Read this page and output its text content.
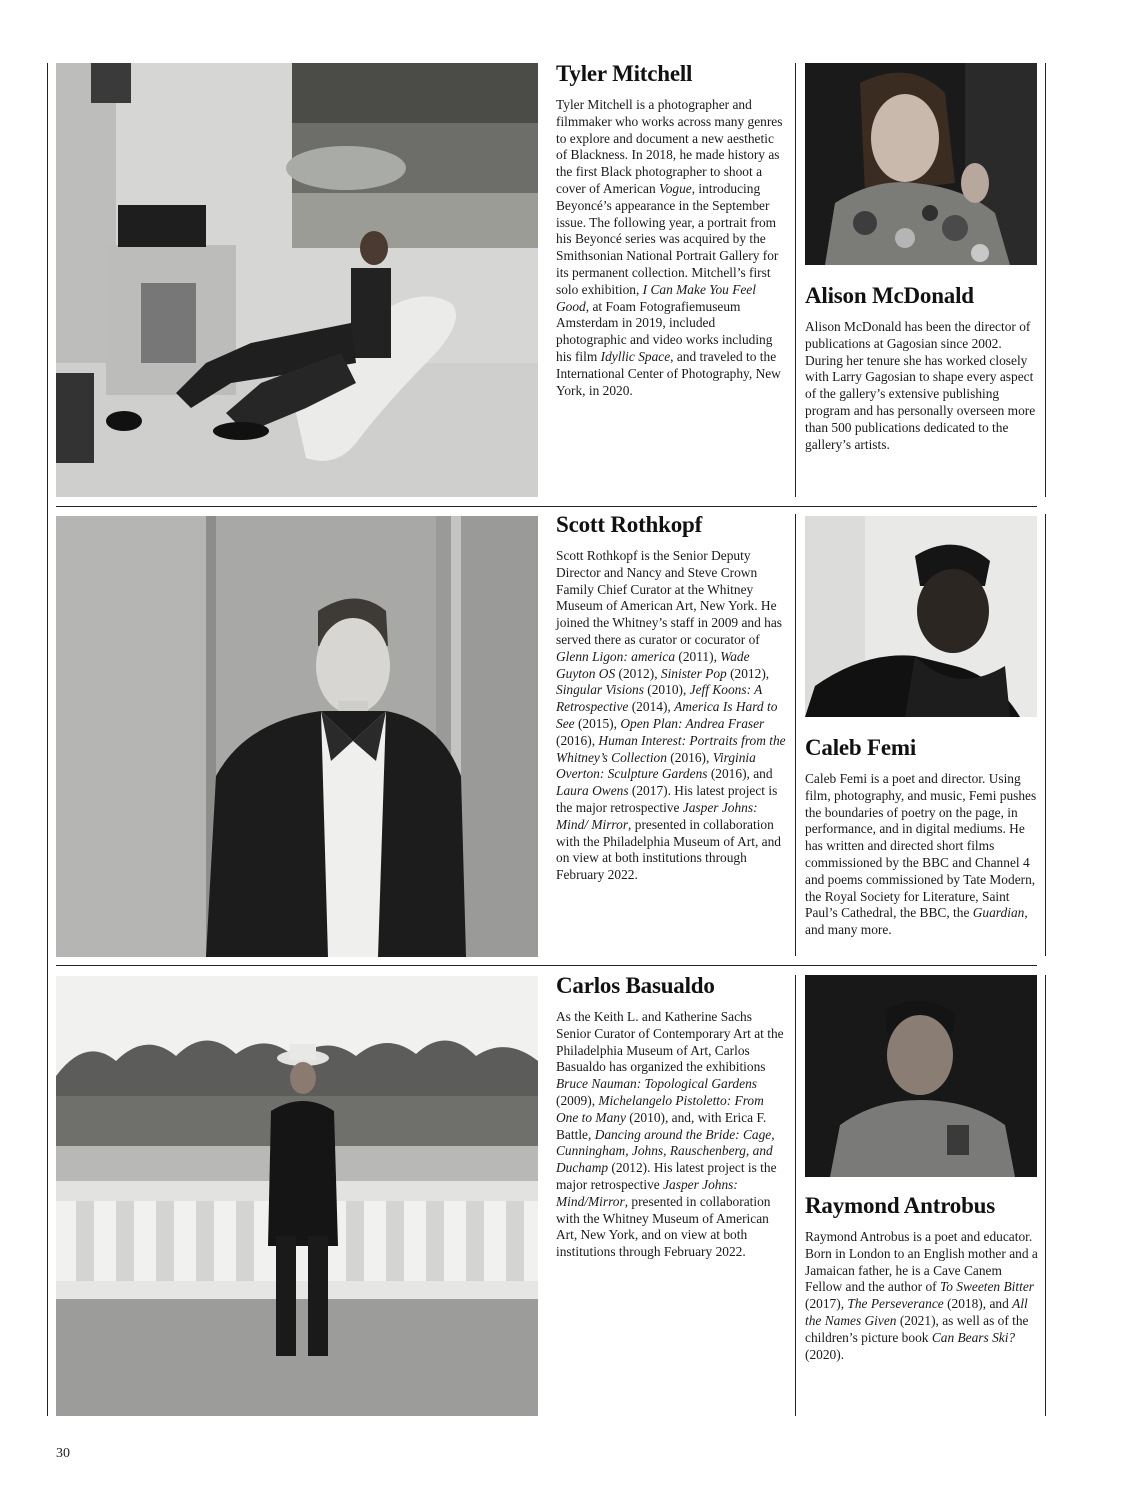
Tyler Mitchell

Tyler Mitchell is a photographer and filmmaker who works across many genres to explore and document a new aesthetic of Blackness. In 2018, he made history as the first Black photographer to shoot a cover of American Vogue, introducing Beyoncé’s appearance in the September issue. The following year, a portrait from his Beyoncé series was acquired by the Smithsonian National Portrait Gallery for its permanent collection. Mitchell’s first solo exhibition, I Can Make You Feel Good, at Foam Fotografiemuseum Amsterdam in 2019, included photographic and video works including his film Idyllic Space, and traveled to the International Center of Photography, New York, in 2020.

Alison McDonald

Alison McDonald has been the director of publications at Gagosian since 2002. During her tenure she has worked closely with Larry Gagosian to shape every aspect of the gallery’s extensive publishing program and has personally overseen more than 500 publications dedicated to the gallery’s artists.

Scott Rothkopf

Scott Rothkopf is the Senior Deputy Director and Nancy and Steve Crown Family Chief Curator at the Whitney Museum of American Art, New York. He joined the Whitney’s staff in 2009 and has served there as curator or cocurator of Glenn Ligon: america (2011), Wade Guyton OS (2012), Sinister Pop (2012), Singular Visions (2010), Jeff Koons: A Retrospective (2014), America Is Hard to See (2015), Open Plan: Andrea Fraser (2016), Human Interest: Portraits from the Whitney’s Collection (2016), Virginia Overton: Sculpture Gardens (2016), and Laura Owens (2017). His latest project is the major retrospective Jasper Johns: Mind/ Mirror, presented in collaboration with the Philadelphia Museum of Art, and on view at both institutions through February 2022.

Caleb Femi

Caleb Femi is a poet and director. Using film, photography, and music, Femi pushes the boundaries of poetry on the page, in performance, and in digital mediums. He has written and directed short films commissioned by the BBC and Channel 4 and poems commissioned by Tate Modern, the Royal Society for Literature, Saint Paul’s Cathedral, the BBC, the Guardian, and many more.

Carlos Basualdo

As the Keith L. and Katherine Sachs Senior Curator of Contemporary Art at the Philadelphia Museum of Art, Carlos Basualdo has organized the exhibitions Bruce Nauman: Topological Gardens (2009), Michelangelo Pistoletto: From One to Many (2010), and, with Erica F. Battle, Dancing around the Bride: Cage, Cunningham, Johns, Rauschenberg, and Duchamp (2012). His latest project is the major retrospective Jasper Johns: Mind/Mirror, presented in collaboration with the Whitney Museum of American Art, New York, and on view at both institutions through February 2022.

Raymond Antrobus

Raymond Antrobus is a poet and educator. Born in London to an English mother and a Jamaican father, he is a Cave Canem Fellow and the author of To Sweeten Bitter (2017), The Perseverance (2018), and All the Names Given (2021), as well as of the children’s picture book Can Bears Ski? (2020).

30
